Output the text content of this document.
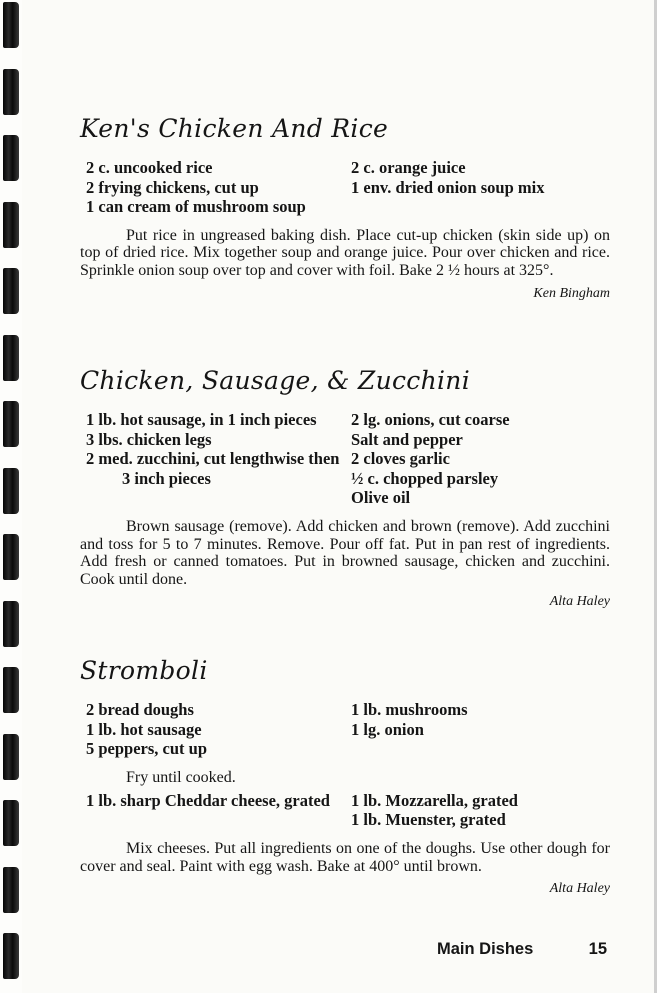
Ken's Chicken And Rice
2 c. uncooked rice
2 frying chickens, cut up
1 can cream of mushroom soup
2 c. orange juice
1 env. dried onion soup mix

Put rice in ungreased baking dish. Place cut-up chicken (skin side up) on top of dried rice. Mix together soup and orange juice. Pour over chicken and rice. Sprinkle onion soup over top and cover with foil. Bake 2 ½ hours at 325°.

Ken Bingham
Chicken, Sausage, & Zucchini
1 lb. hot sausage, in 1 inch pieces
3 lbs. chicken legs
2 med. zucchini, cut lengthwise then 3 inch pieces
2 lg. onions, cut coarse
Salt and pepper
2 cloves garlic
½ c. chopped parsley
Olive oil

Brown sausage (remove). Add chicken and brown (remove). Add zucchini and toss for 5 to 7 minutes. Remove. Pour off fat. Put in pan rest of ingredients. Add fresh or canned tomatoes. Put in browned sausage, chicken and zucchini. Cook until done.

Alta Haley
Stromboli
2 bread doughs
1 lb. hot sausage
5 peppers, cut up
1 lb. mushrooms
1 lg. onion
Fry until cooked.
1 lb. sharp Cheddar cheese, grated	1 lb. Mozzarella, grated
1 lb. Muenster, grated

Mix cheeses. Put all ingredients on one of the doughs. Use other dough for cover and seal. Paint with egg wash. Bake at 400° until brown.

Alta Haley
Main Dishes	15
